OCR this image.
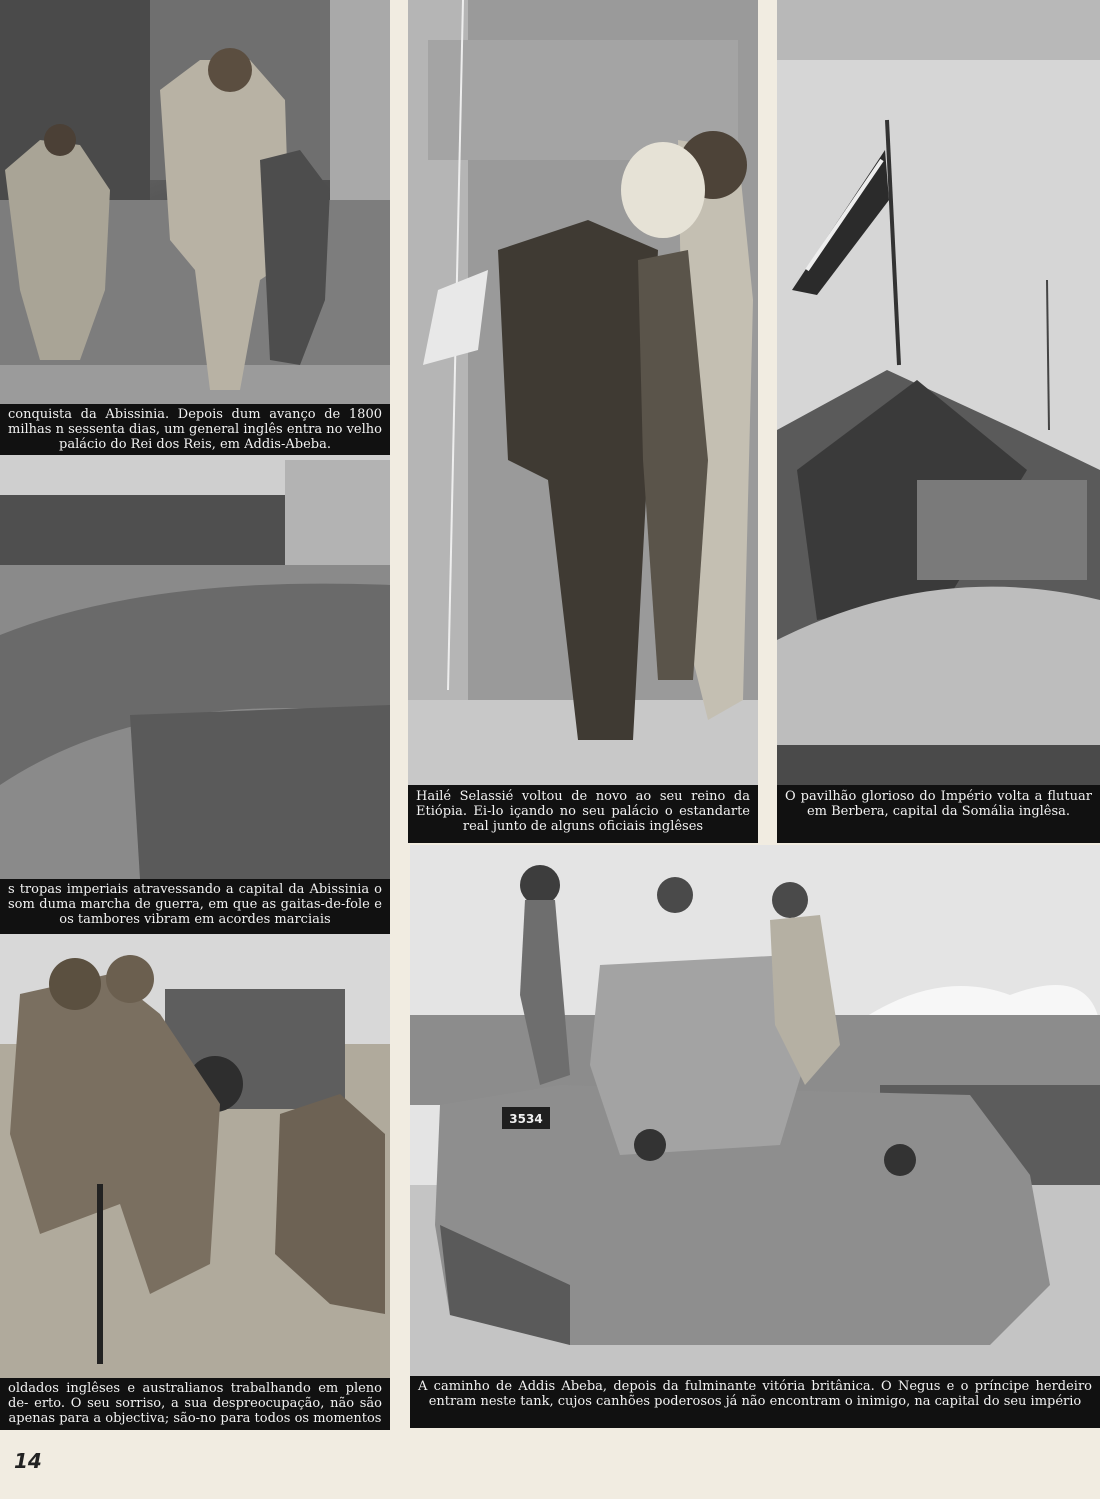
conquista da Abissinia. Depois dum avanço de 1800 milhas n sessenta dias, um general inglês entra no velho palácio do Rei dos Reis, em Addis-Abeba.
s tropas imperiais atravessando a capital da Abissinia o som duma marcha de guerra, em que as gaitas-de-fole e os tambores vibram em acordes marciais
oldados inglêses e australianos trabalhando em pleno de- erto. O seu sorriso, a sua despreocupação, não são apenas para a objectiva; são-no para todos os momentos
Hailé Selassié voltou de novo ao seu reino da Etiópia. Ei-lo içando no seu palácio o estandarte real junto de alguns oficiais inglêses
O pavilhão glorioso do Império volta a flutuar em Berbera, capital da Somália inglêsa.
3534
A caminho de Addis Abeba, depois da fulminante vitória britânica. O Negus e o príncipe herdeiro entram neste tank, cujos canhões poderosos já não encontram o inimigo, na capital do seu império
14
